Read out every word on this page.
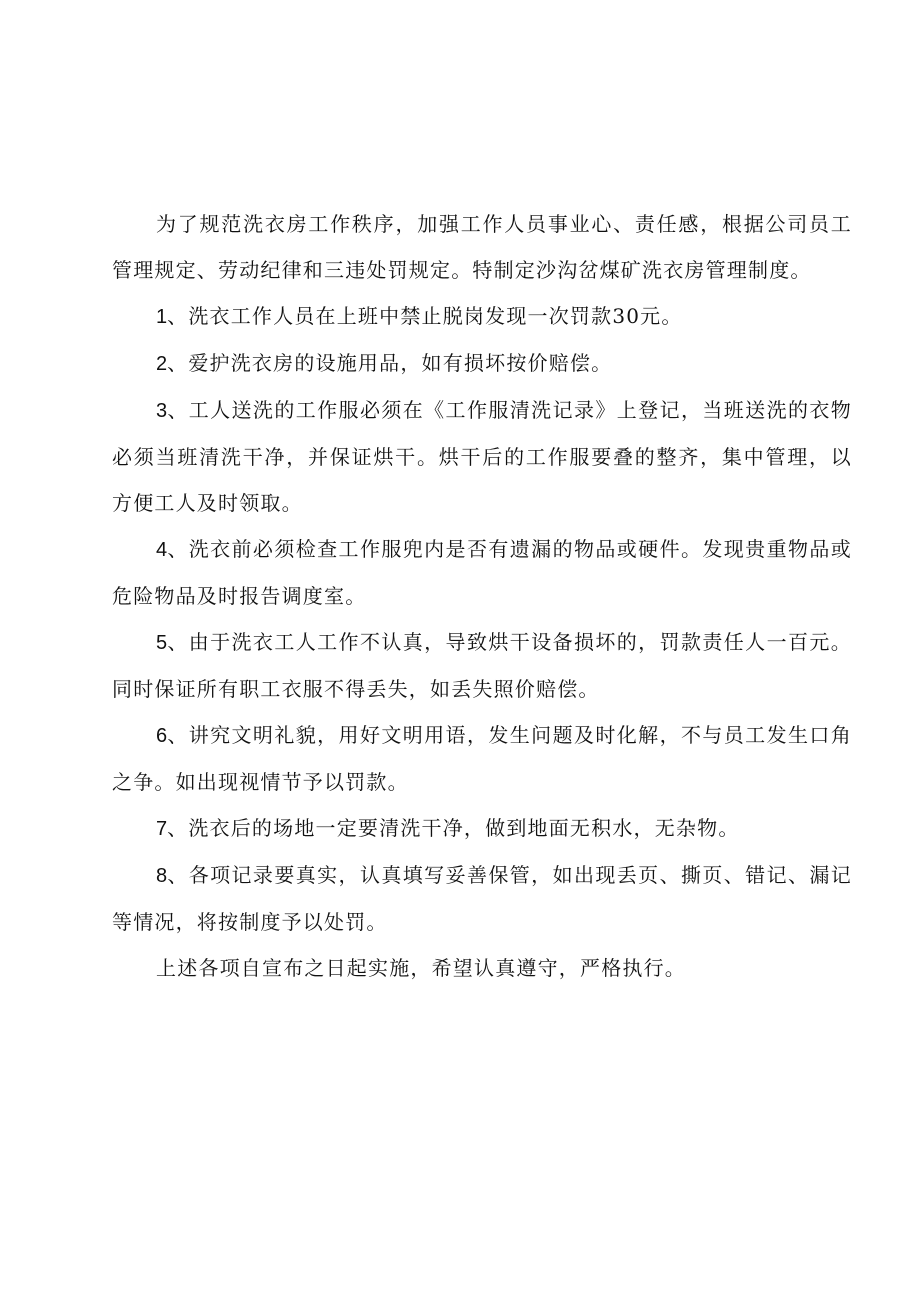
为了规范洗衣房工作秩序，加强工作人员事业心、责任感，根据公司员工管理规定、劳动纪律和三违处罚规定。特制定沙沟岔煤矿洗衣房管理制度。

1、洗衣工作人员在上班中禁止脱岗发现一次罚款30元。

2、爱护洗衣房的设施用品，如有损坏按价赔偿。

3、工人送洗的工作服必须在《工作服清洗记录》上登记，当班送洗的衣物必须当班清洗干净，并保证烘干。烘干后的工作服要叠的整齐，集中管理，以方便工人及时领取。

4、洗衣前必须检查工作服兜内是否有遗漏的物品或硬件。发现贵重物品或危险物品及时报告调度室。

5、由于洗衣工人工作不认真，导致烘干设备损坏的，罚款责任人一百元。同时保证所有职工衣服不得丢失，如丢失照价赔偿。

6、讲究文明礼貌，用好文明用语，发生问题及时化解，不与员工发生口角之争。如出现视情节予以罚款。

7、洗衣后的场地一定要清洗干净，做到地面无积水，无杂物。

8、各项记录要真实，认真填写妥善保管，如出现丢页、撕页、错记、漏记等情况，将按制度予以处罚。

上述各项自宣布之日起实施，希望认真遵守，严格执行。
